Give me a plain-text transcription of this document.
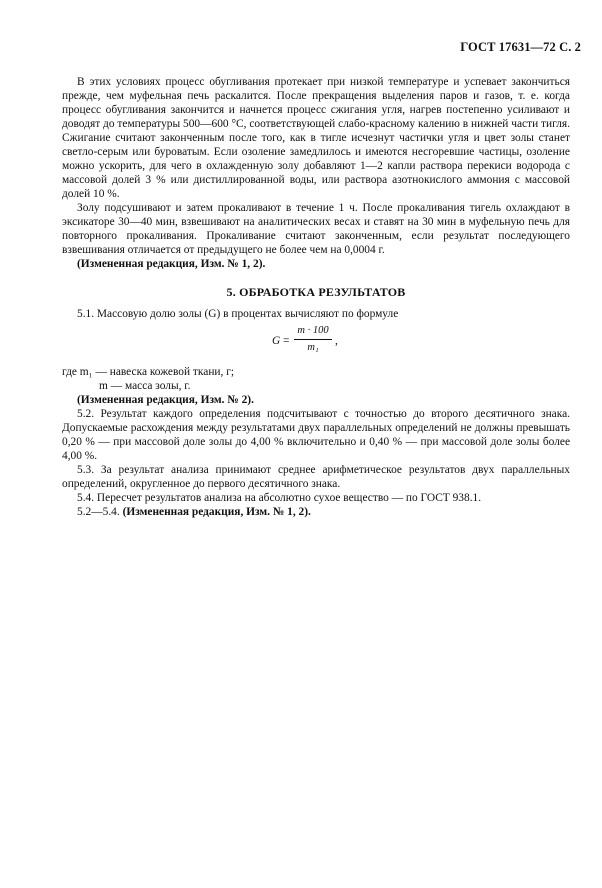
ГОСТ 17631—72 С. 2

В этих условиях процесс обугливания протекает при низкой температуре и успевает закончиться прежде, чем муфельная печь раскалится. После прекращения выделения паров и газов, т. е. когда процесс обугливания закончится и начнется процесс сжигания угля, нагрев постепенно усиливают и доводят до температуры 500—600 °С, соответствующей слабо-красному калению в нижней части тигля. Сжигание считают законченным после того, как в тигле исчезнут частички угля и цвет золы станет светло-серым или буроватым. Если озоление замедлилось и имеются несгоревшие частицы, озоление можно ускорить, для чего в охлажденную золу добавляют 1—2 капли раствора перекиси водорода с массовой долей 3 % или дистиллированной воды, или раствора азотнокислого аммония с массовой долей 10 %.

Золу подсушивают и затем прокаливают в течение 1 ч. После прокаливания тигель охлаждают в эксикаторе 30—40 мин, взвешивают на аналитических весах и ставят на 30 мин в муфельную печь для повторного прокаливания. Прокаливание считают законченным, если результат последующего взвешивания отличается от предыдущего не более чем на 0,0004 г.

(Измененная редакция, Изм. № 1, 2).

5. ОБРАБОТКА РЕЗУЛЬТАТОВ

5.1. Массовую долю золы (G) в процентах вычисляют по формуле

G =
m · 100
m₁
,

где m₁ — навеска кожевой ткани, г;

m — масса золы, г.

(Измененная редакция, Изм. № 2).

5.2. Результат каждого определения подсчитывают с точностью до второго десятичного знака. Допускаемые расхождения между результатами двух параллельных определений не должны превышать 0,20 % — при массовой доле золы до 4,00 % включительно и 0,40 % — при массовой доле золы более 4,00 %.

5.3. За результат анализа принимают среднее арифметическое результатов двух параллельных определений, округленное до первого десятичного знака.

5.4. Пересчет результатов анализа на абсолютно сухое вещество — по ГОСТ 938.1.

5.2—5.4. (Измененная редакция, Изм. № 1, 2).
